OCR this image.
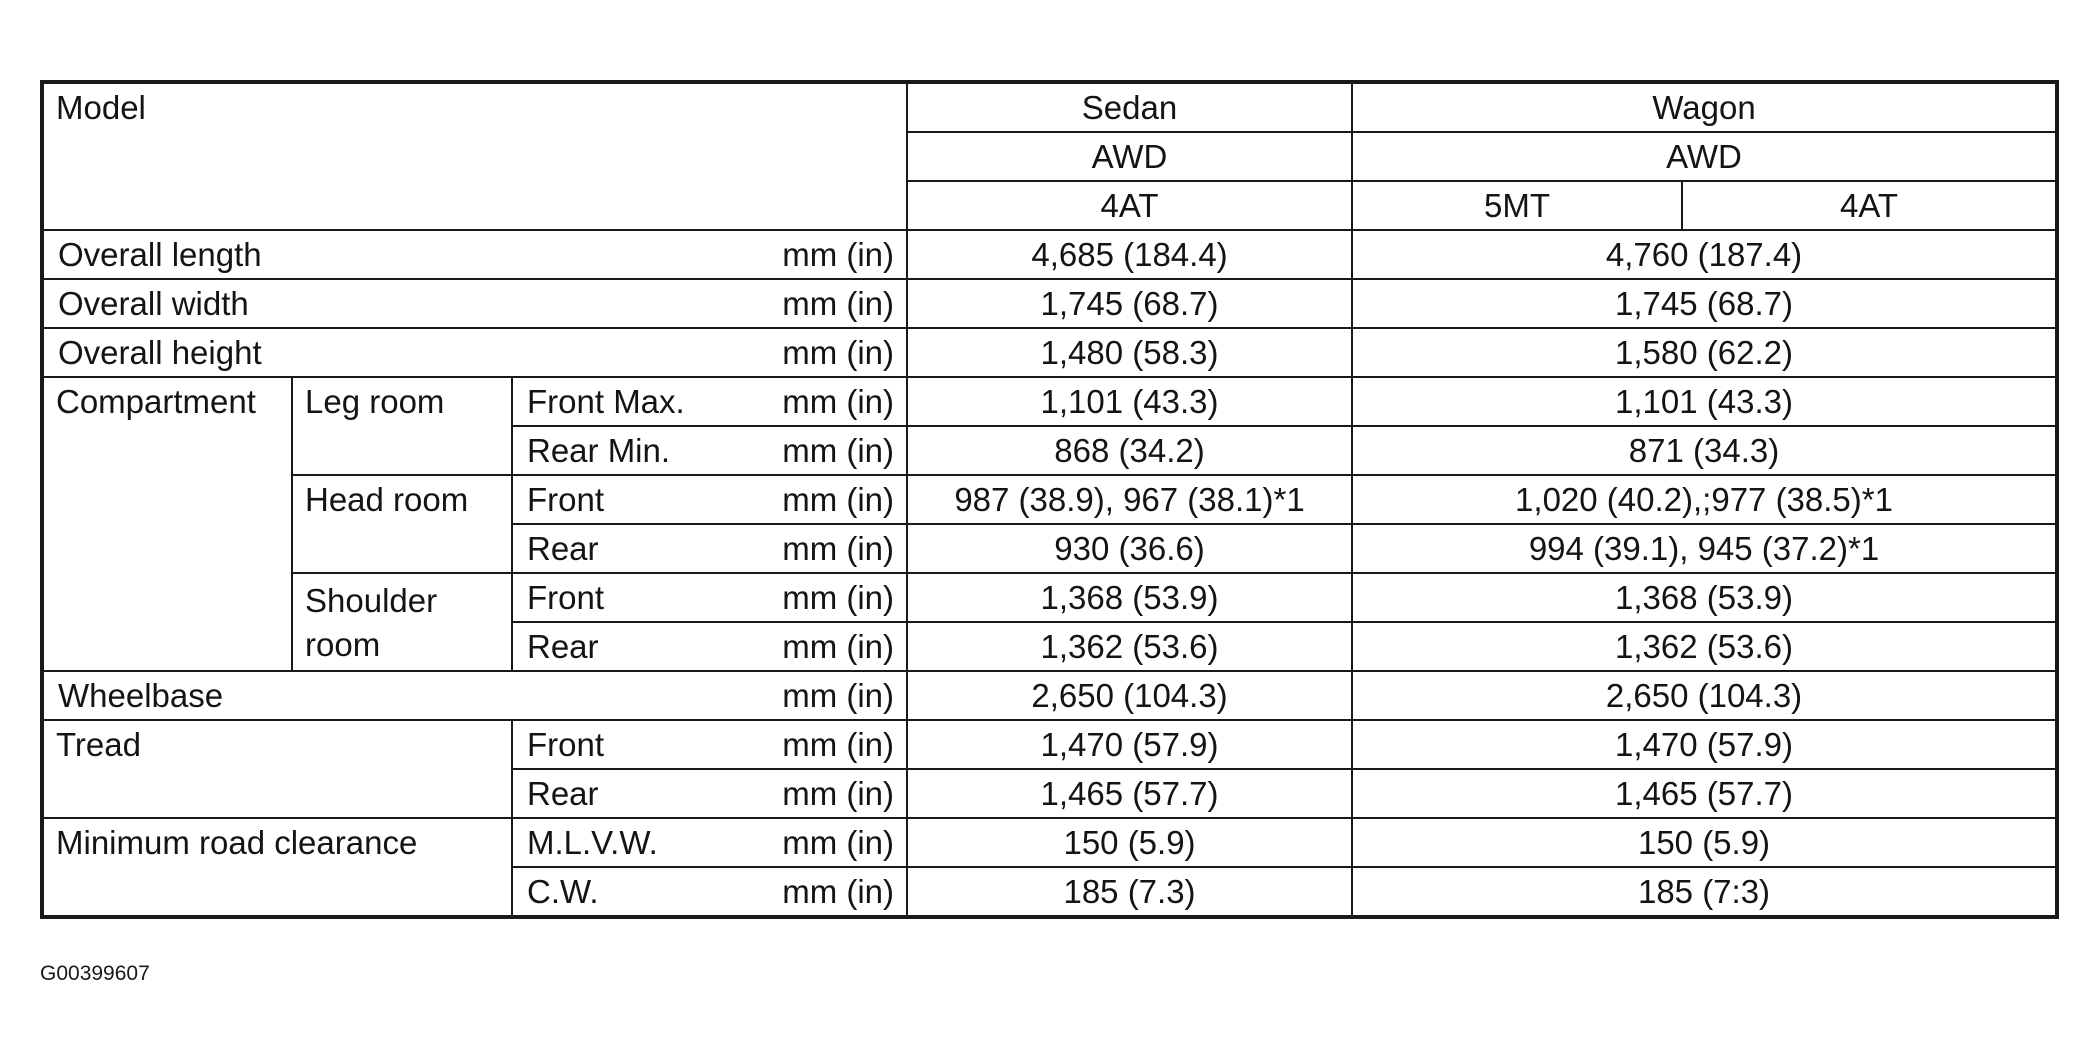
Model				Sedan	Wagon	
				AWD	AWD	
				4AT	5MT	4AT
Overall length			mm (in)	4,685 (184.4)	4,760 (187.4)	
Overall width			mm (in)	1,745 (68.7)	1,745 (68.7)	
Overall height			mm (in)	1,480 (58.3)	1,580 (62.2)	
Compartment	Leg room	Front Max.	mm (in)	1,101 (43.3)	1,101 (43.3)	
		Rear Min.	mm (in)	868 (34.2)	871 (34.3)	
	Head room	Front	mm (in)	987 (38.9), 967 (38.1)*1	1,020 (40.2),;977 (38.5)*1	
		Rear	mm (in)	930 (36.6)	994 (39.1), 945 (37.2)*1	
	Shoulder room	Front	mm (in)	1,368 (53.9)	1,368 (53.9)	
		Rear	mm (in)	1,362 (53.6)	1,362 (53.6)	
Wheelbase			mm (in)	2,650 (104.3)	2,650 (104.3)	
Tread		Front	mm (in)	1,470 (57.9)	1,470 (57.9)	
		Rear	mm (in)	1,465 (57.7)	1,465 (57.7)	
Minimum road clearance		M.L.V.W.	mm (in)	150 (5.9)	150 (5.9)	
		C.W.	mm (in)	185 (7.3)	185 (7:3)	
G00399607
